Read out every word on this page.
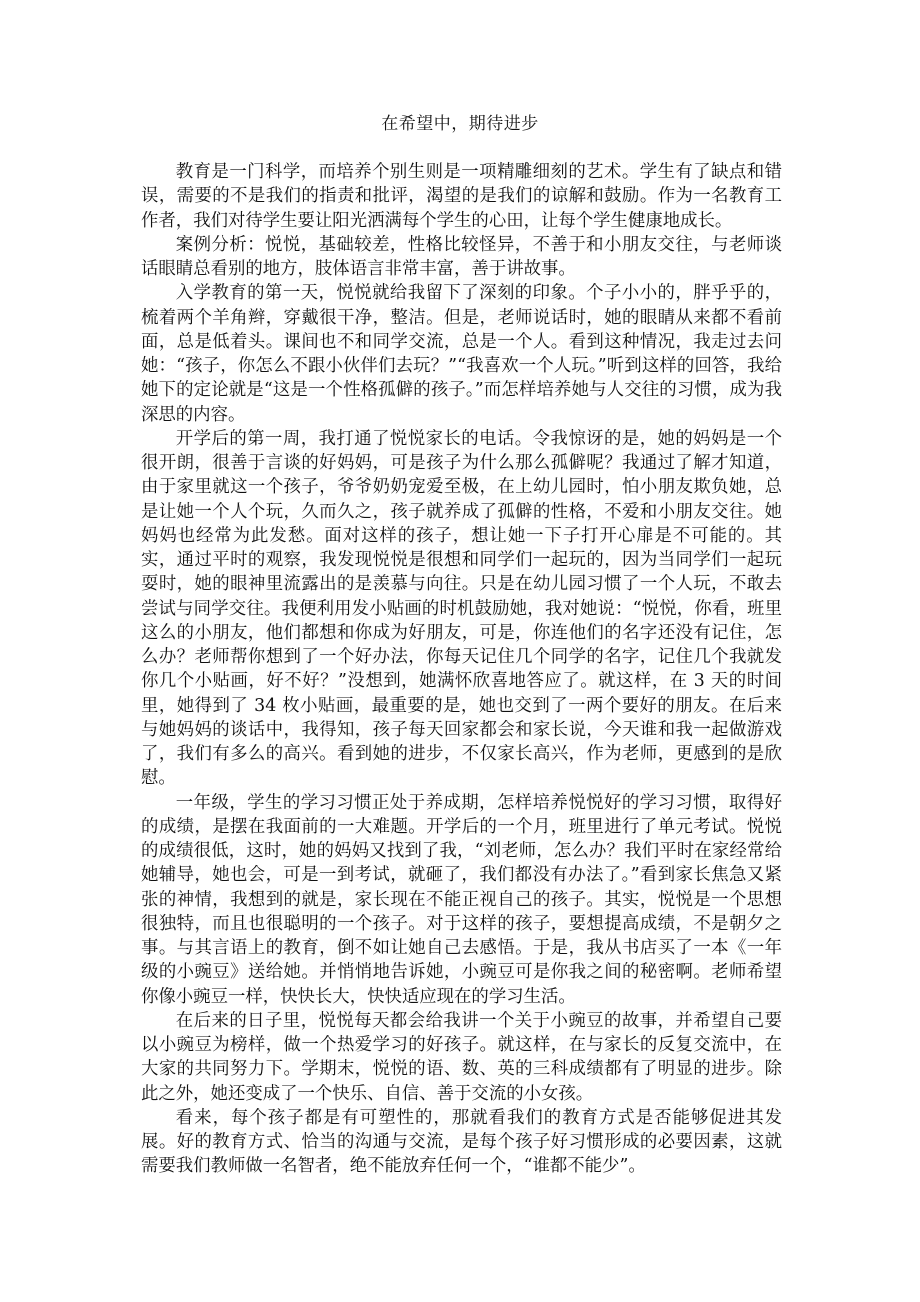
在希望中，期待进步

教育是一门科学，而培养个别生则是一项精雕细刻的艺术。学生有了缺点和错误，需要的不是我们的指责和批评，渴望的是我们的谅解和鼓励。作为一名教育工作者，我们对待学生要让阳光洒满每个学生的心田，让每个学生健康地成长。

案例分析：悦悦，基础较差，性格比较怪异，不善于和小朋友交往，与老师谈话眼睛总看别的地方，肢体语言非常丰富，善于讲故事。

入学教育的第一天，悦悦就给我留下了深刻的印象。个子小小的，胖乎乎的，梳着两个羊角辫，穿戴很干净，整洁。但是，老师说话时，她的眼睛从来都不看前面，总是低着头。课间也不和同学交流，总是一个人。看到这种情况，我走过去问她：“孩子，你怎么不跟小伙伴们去玩？”“我喜欢一个人玩。”听到这样的回答，我给她下的定论就是“这是一个性格孤僻的孩子。”而怎样培养她与人交往的习惯，成为我深思的内容。

开学后的第一周，我打通了悦悦家长的电话。令我惊讶的是，她的妈妈是一个很开朗，很善于言谈的好妈妈，可是孩子为什么那么孤僻呢？我通过了解才知道，由于家里就这一个孩子，爷爷奶奶宠爱至极，在上幼儿园时，怕小朋友欺负她，总是让她一个人个玩，久而久之，孩子就养成了孤僻的性格，不爱和小朋友交往。她妈妈也经常为此发愁。面对这样的孩子，想让她一下子打开心扉是不可能的。其实，通过平时的观察，我发现悦悦是很想和同学们一起玩的，因为当同学们一起玩耍时，她的眼神里流露出的是羡慕与向往。只是在幼儿园习惯了一个人玩，不敢去尝试与同学交往。我便利用发小贴画的时机鼓励她，我对她说：“悦悦，你看，班里这么的小朋友，他们都想和你成为好朋友，可是，你连他们的名字还没有记住，怎么办？老师帮你想到了一个好办法，你每天记住几个同学的名字，记住几个我就发你几个小贴画，好不好？”没想到，她满怀欣喜地答应了。就这样，在 3 天的时间里，她得到了 34 枚小贴画，最重要的是，她也交到了一两个要好的朋友。在后来与她妈妈的谈话中，我得知，孩子每天回家都会和家长说，今天谁和我一起做游戏了，我们有多么的高兴。看到她的进步，不仅家长高兴，作为老师，更感到的是欣慰。

一年级，学生的学习习惯正处于养成期，怎样培养悦悦好的学习习惯，取得好的成绩，是摆在我面前的一大难题。开学后的一个月，班里进行了单元考试。悦悦的成绩很低，这时，她的妈妈又找到了我，“刘老师，怎么办？我们平时在家经常给她辅导，她也会，可是一到考试，就砸了，我们都没有办法了。”看到家长焦急又紧张的神情，我想到的就是，家长现在不能正视自己的孩子。其实，悦悦是一个思想很独特，而且也很聪明的一个孩子。对于这样的孩子，要想提高成绩，不是朝夕之事。与其言语上的教育，倒不如让她自己去感悟。于是，我从书店买了一本《一年级的小豌豆》送给她。并悄悄地告诉她，小豌豆可是你我之间的秘密啊。老师希望你像小豌豆一样，快快长大，快快适应现在的学习生活。

在后来的日子里，悦悦每天都会给我讲一个关于小豌豆的故事，并希望自己要以小豌豆为榜样，做一个热爱学习的好孩子。就这样，在与家长的反复交流中，在大家的共同努力下。学期末，悦悦的语、数、英的三科成绩都有了明显的进步。除此之外，她还变成了一个快乐、自信、善于交流的小女孩。

看来，每个孩子都是有可塑性的，那就看我们的教育方式是否能够促进其发展。好的教育方式、恰当的沟通与交流，是每个孩子好习惯形成的必要因素，这就需要我们教师做一名智者，绝不能放弃任何一个，“谁都不能少”。
